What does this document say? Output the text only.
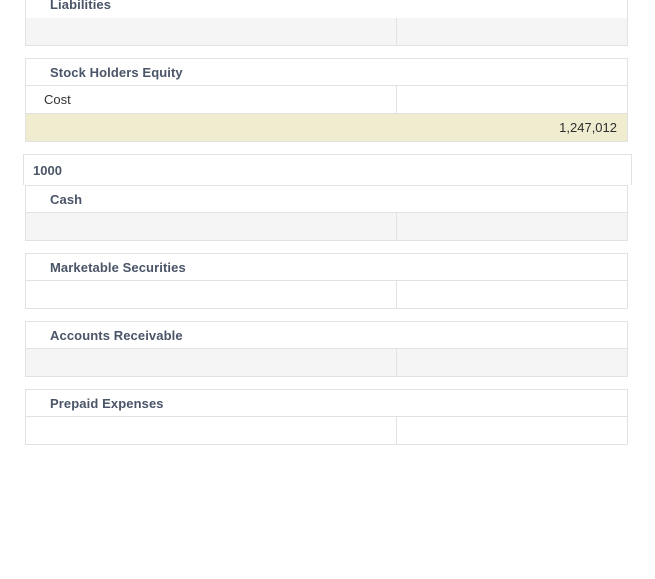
Liabilities
Stock Holders Equity
Cost
1,247,012
1000
Cash
Marketable Securities
Accounts Receivable
Prepaid Expenses
